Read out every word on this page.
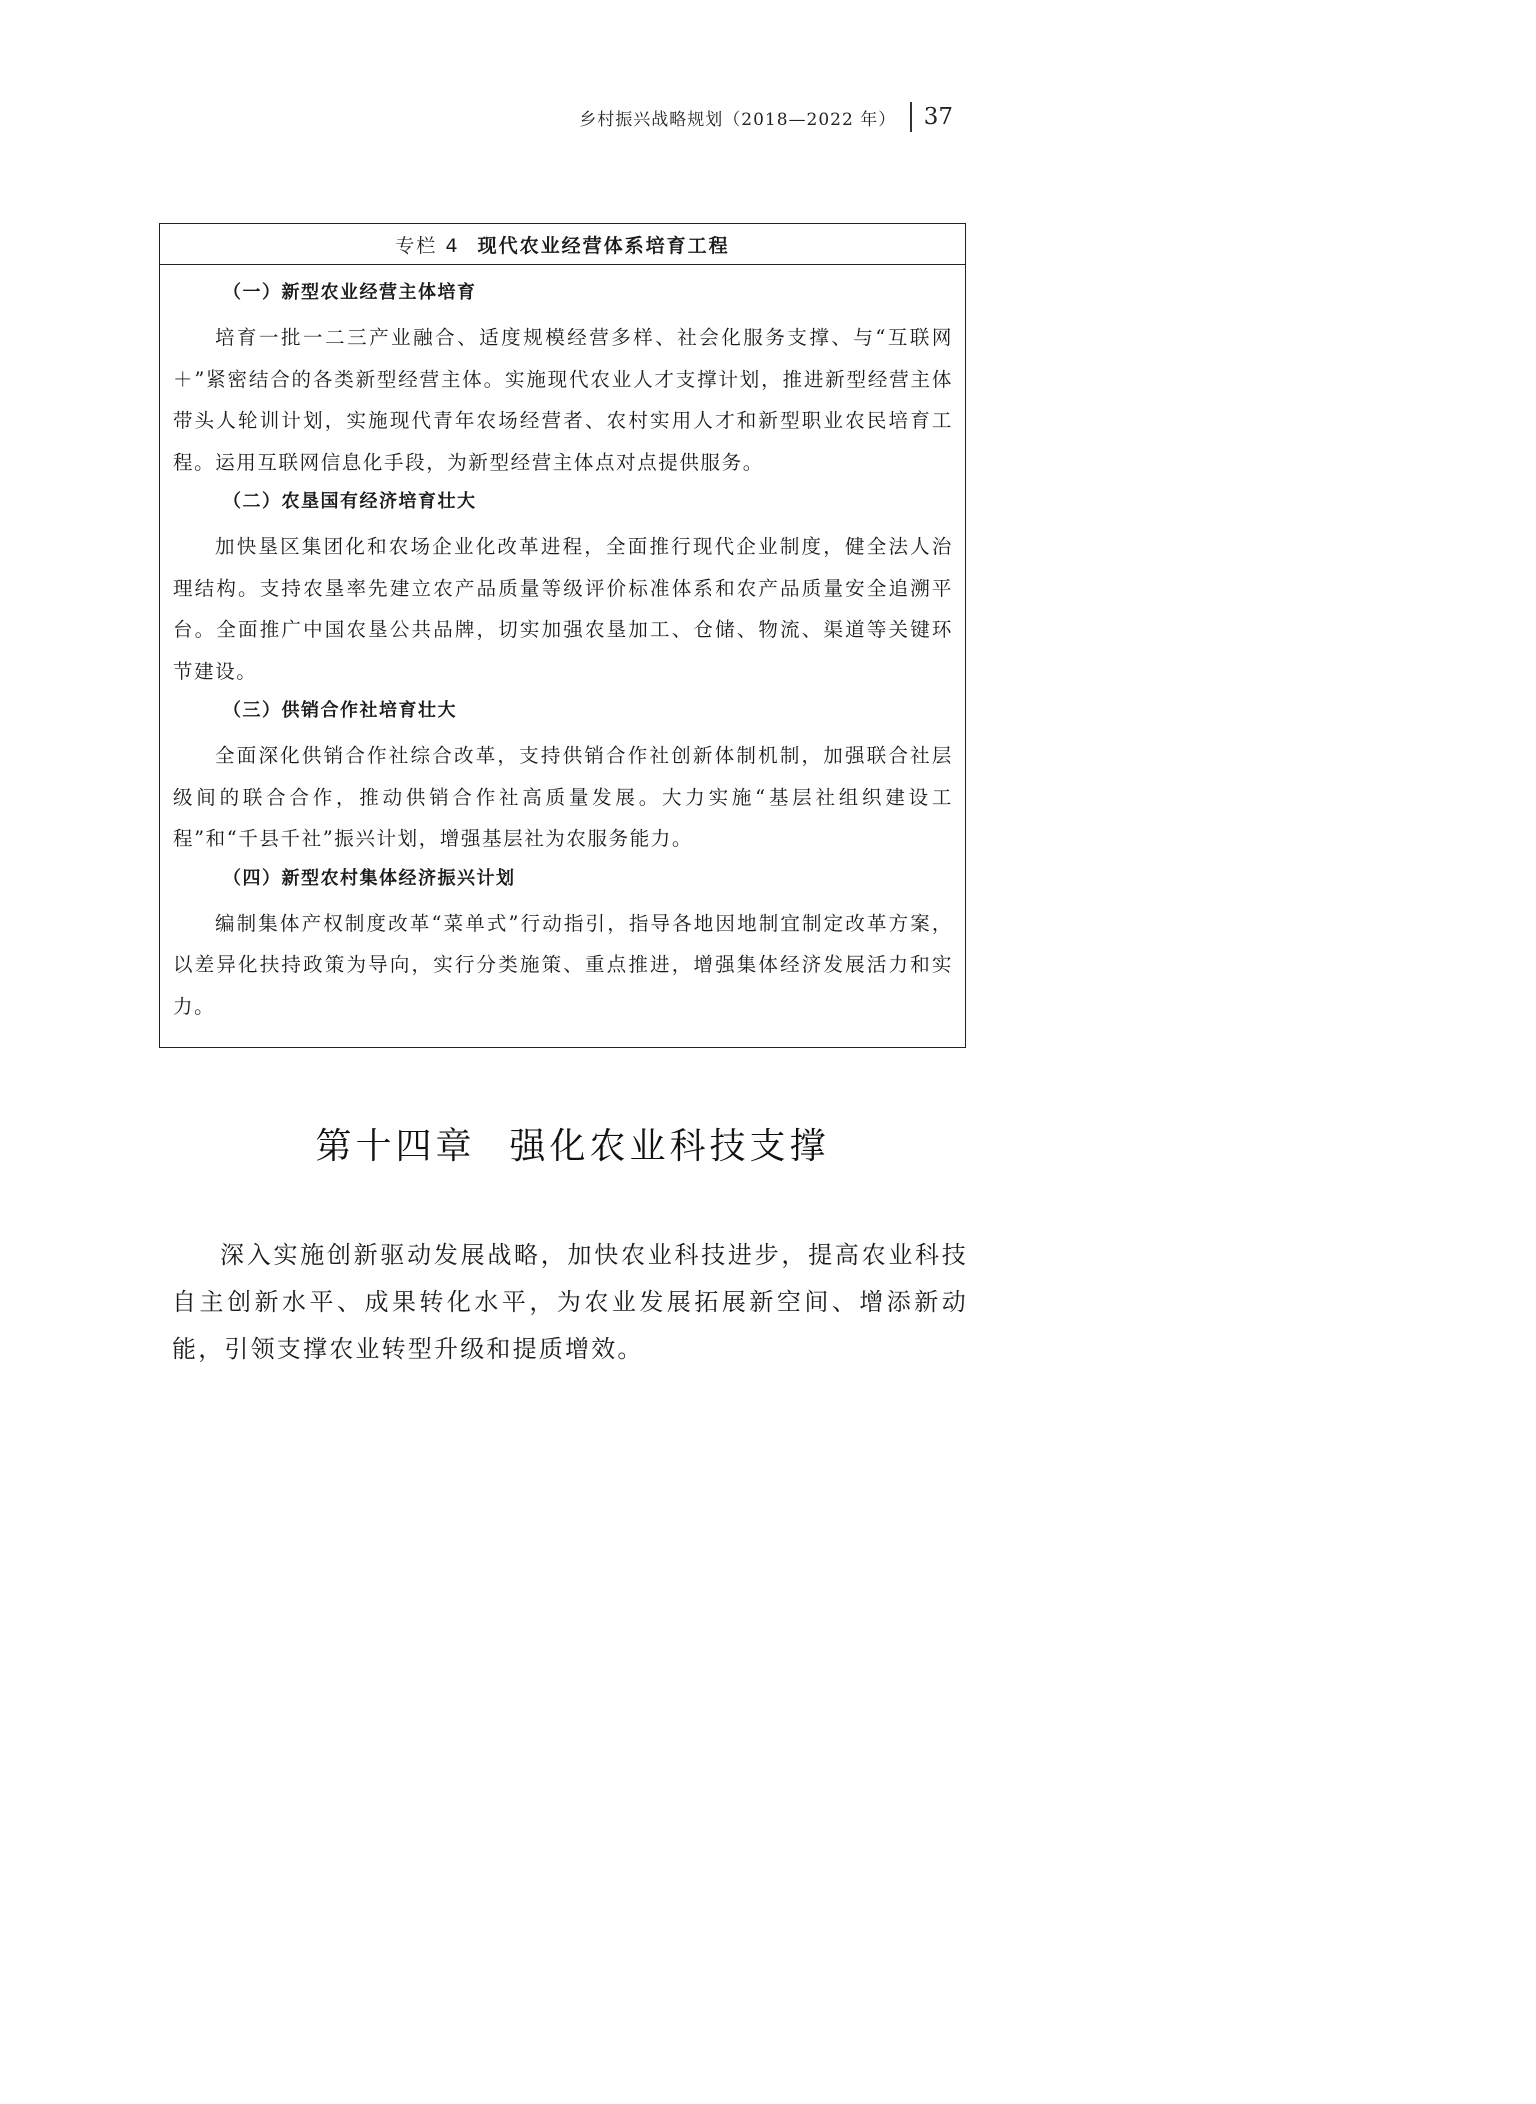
乡村振兴战略规划（2018—2022 年） 37
专栏 4 现代农业经营体系培育工程
（一）新型农业经营主体培育

培育一批一二三产业融合、适度规模经营多样、社会化服务支撑、与“互联网＋”紧密结合的各类新型经营主体。实施现代农业人才支撑计划，推进新型经营主体带头人轮训计划，实施现代青年农场经营者、农村实用人才和新型职业农民培育工程。运用互联网信息化手段，为新型经营主体点对点提供服务。

（二）农垦国有经济培育壮大

加快垦区集团化和农场企业化改革进程，全面推行现代企业制度，健全法人治理结构。支持农垦率先建立农产品质量等级评价标准体系和农产品质量安全追溯平台。全面推广中国农垦公共品牌，切实加强农垦加工、仓储、物流、渠道等关键环节建设。

（三）供销合作社培育壮大

全面深化供销合作社综合改革，支持供销合作社创新体制机制，加强联合社层级间的联合合作，推动供销合作社高质量发展。大力实施“基层社组织建设工程”和“千县千社”振兴计划，增强基层社为农服务能力。

（四）新型农村集体经济振兴计划

编制集体产权制度改革“菜单式”行动指引，指导各地因地制宜制定改革方案，以差异化扶持政策为导向，实行分类施策、重点推进，增强集体经济发展活力和实力。

第十四章 强化农业科技支撑

深入实施创新驱动发展战略，加快农业科技进步，提高农业科技自主创新水平、成果转化水平，为农业发展拓展新空间、增添新动能，引领支撑农业转型升级和提质增效。
